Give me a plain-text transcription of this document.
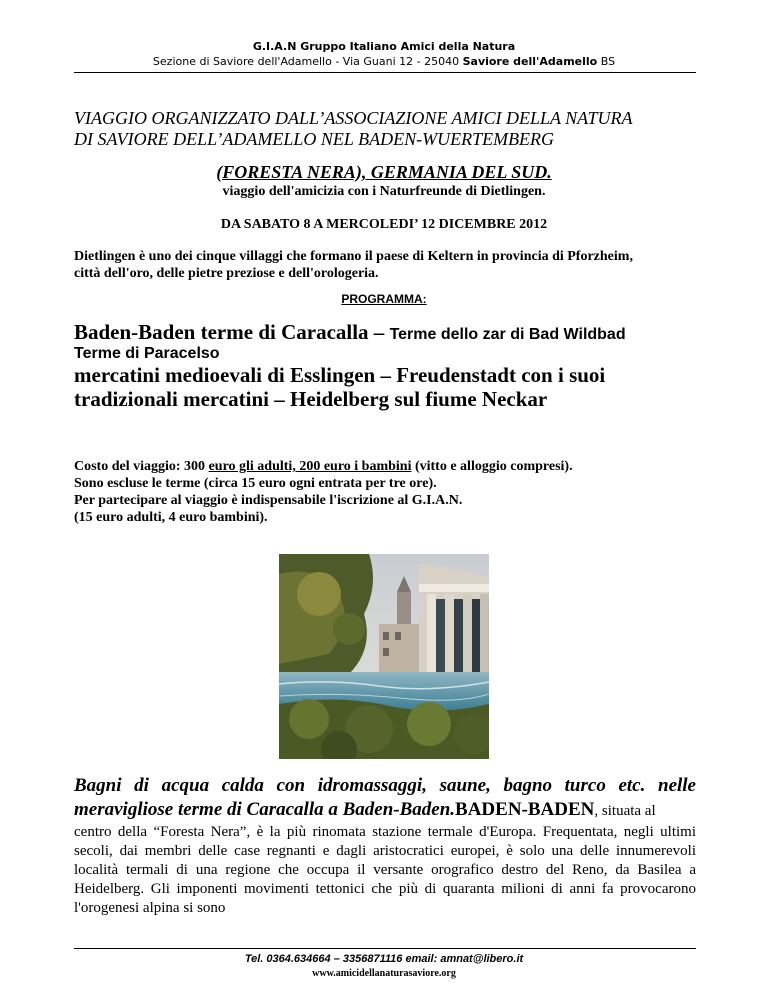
G.I.A.N Gruppo Italiano Amici della Natura
Sezione di Saviore dell'Adamello - Via Guani 12 - 25040 Saviore dell'Adamello BS
VIAGGIO ORGANIZZATO DALL’ASSOCIAZIONE AMICI DELLA NATURA
DI SAVIORE DELL’ADAMELLO NEL BADEN-WUERTEMBERG
(FORESTA NERA), GERMANIA DEL SUD.
viaggio dell'amicizia con i Naturfreunde di Dietlingen.
DA SABATO 8 A MERCOLEDI’ 12 DICEMBRE 2012
Dietlingen è uno dei cinque villaggi che formano il paese di Keltern in provincia di Pforzheim,
città dell'oro, delle pietre preziose e dell'orologeria.
PROGRAMMA:
Baden-Baden terme di Caracalla – Terme dello zar di Bad Wildbad
Terme di Paracelso
mercatini medioevali di Esslingen – Freudenstadt con i suoi
tradizionali mercatini – Heidelberg sul fiume Neckar
Costo del viaggio: 300 euro gli adulti, 200 euro i bambini (vitto e alloggio compresi).
Sono escluse le terme (circa 15 euro ogni entrata per tre ore).
Per partecipare al viaggio è indispensabile l'iscrizione al G.I.A.N.
(15 euro adulti, 4 euro bambini).
Bagni di acqua calda con idromassaggi, saune, bagno turco etc. nelle meravigliose terme di Caracalla a Baden-Baden.BADEN-BADEN, situata al
centro della “Foresta Nera”, è la più rinomata stazione termale d'Europa. Frequentata, negli ultimi secoli, dai membri delle case regnanti e dagli aristocratici europei, è solo una delle innumerevoli località termali di una regione che occupa il versante orografico destro del Reno, da Basilea a Heidelberg. Gli imponenti movimenti tettonici che più di quaranta milioni di anni fa provocarono l'orogenesi alpina si sono
Tel. 0364.634664 – 3356871116 email: amnat@libero.it
www.amicidellanaturasaviore.org
